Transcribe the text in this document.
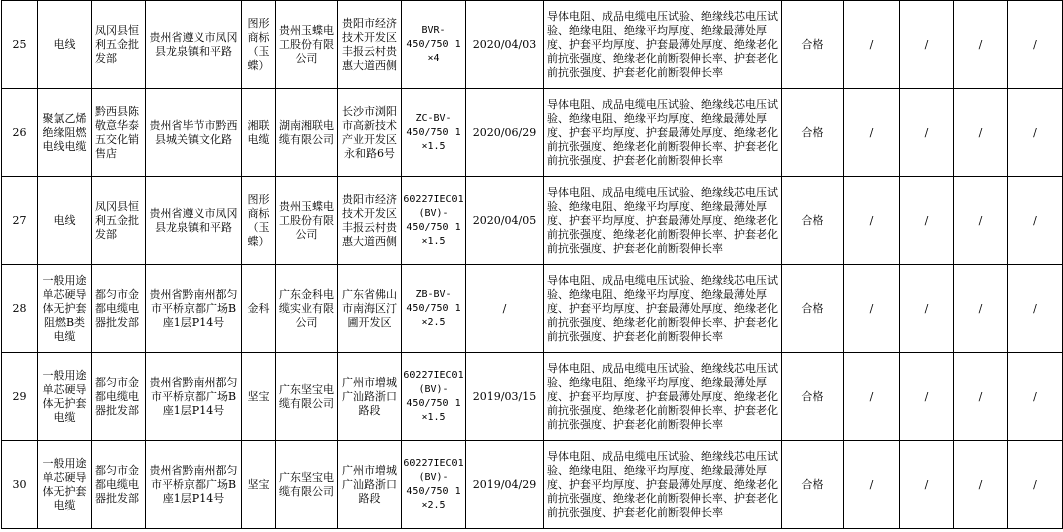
25	电线	凤冈县恒利五金批发部	贵州省遵义市凤冈县龙泉镇和平路	图形商标（玉蝶）	贵州玉蝶电工股份有限公司	贵阳市经济技术开发区丰报云村贵惠大道西侧	BVR-
450/750 1
×4	2020/04/03	导体电阻、成品电缆电压试验、绝缘线芯电压试验、绝缘电阻、绝缘平均厚度、绝缘最薄处厚度、护套平均厚度、护套最薄处厚度、绝缘老化前抗张强度、绝缘老化前断裂伸长率、护套老化前抗张强度、护套老化前断裂伸长率	合格	/	/	/	/
26	聚氯乙烯绝缘阻燃电线电缆	黔西县陈敬意华泰五交化销售店	贵州省毕节市黔西县城关镇文化路	湘联电缆	湖南湘联电缆有限公司	长沙市浏阳市高新技术产业开发区永和路6号	ZC-BV-
450/750 1
×1.5	2020/06/29	导体电阻、成品电缆电压试验、绝缘线芯电压试验、绝缘电阻、绝缘平均厚度、绝缘最薄处厚度、护套平均厚度、护套最薄处厚度、绝缘老化前抗张强度、绝缘老化前断裂伸长率、护套老化前抗张强度、护套老化前断裂伸长率	合格	/	/	/	/
27	电线	凤冈县恒利五金批发部	贵州省遵义市凤冈县龙泉镇和平路	图形商标（玉蝶）	贵州玉蝶电工股份有限公司	贵阳市经济技术开发区丰报云村贵惠大道西侧	60227IEC01
(BV)-
450/750 1
×1.5	2020/04/05	导体电阻、成品电缆电压试验、绝缘线芯电压试验、绝缘电阻、绝缘平均厚度、绝缘最薄处厚度、护套平均厚度、护套最薄处厚度、绝缘老化前抗张强度、绝缘老化前断裂伸长率、护套老化前抗张强度、护套老化前断裂伸长率	合格	/	/	/	/
28	一般用途单芯硬导体无护套阻燃B类电缆	都匀市金都电缆电器批发部	贵州省黔南州都匀市平桥京都广场B座1层P14号	金科	广东金科电缆实业有限公司	广东省佛山市南海区汀圃开发区	ZB-BV-
450/750 1
×2.5	/	导体电阻、成品电缆电压试验、绝缘线芯电压试验、绝缘电阻、绝缘平均厚度、绝缘最薄处厚度、护套平均厚度、护套最薄处厚度、绝缘老化前抗张强度、绝缘老化前断裂伸长率、护套老化前抗张强度、护套老化前断裂伸长率	合格	/	/	/	/
29	一般用途单芯硬导体无护套电缆	都匀市金都电缆电器批发部	贵州省黔南州都匀市平桥京都广场B座1层P14号	坚宝	广东坚宝电缆有限公司	广州市增城广汕路浙口路段	60227IEC01
(BV)-
450/750 1
×1.5	2019/03/15	导体电阻、成品电缆电压试验、绝缘线芯电压试验、绝缘电阻、绝缘平均厚度、绝缘最薄处厚度、护套平均厚度、护套最薄处厚度、绝缘老化前抗张强度、绝缘老化前断裂伸长率、护套老化前抗张强度、护套老化前断裂伸长率	合格	/	/	/	/
30	一般用途单芯硬导体无护套电缆	都匀市金都电缆电器批发部	贵州省黔南州都匀市平桥京都广场B座1层P14号	坚宝	广东坚宝电缆有限公司	广州市增城广汕路浙口路段	60227IEC01
(BV)-
450/750 1
×2.5	2019/04/29	导体电阻、成品电缆电压试验、绝缘线芯电压试验、绝缘电阻、绝缘平均厚度、绝缘最薄处厚度、护套平均厚度、护套最薄处厚度、绝缘老化前抗张强度、绝缘老化前断裂伸长率、护套老化前抗张强度、护套老化前断裂伸长率	合格	/	/	/	/
